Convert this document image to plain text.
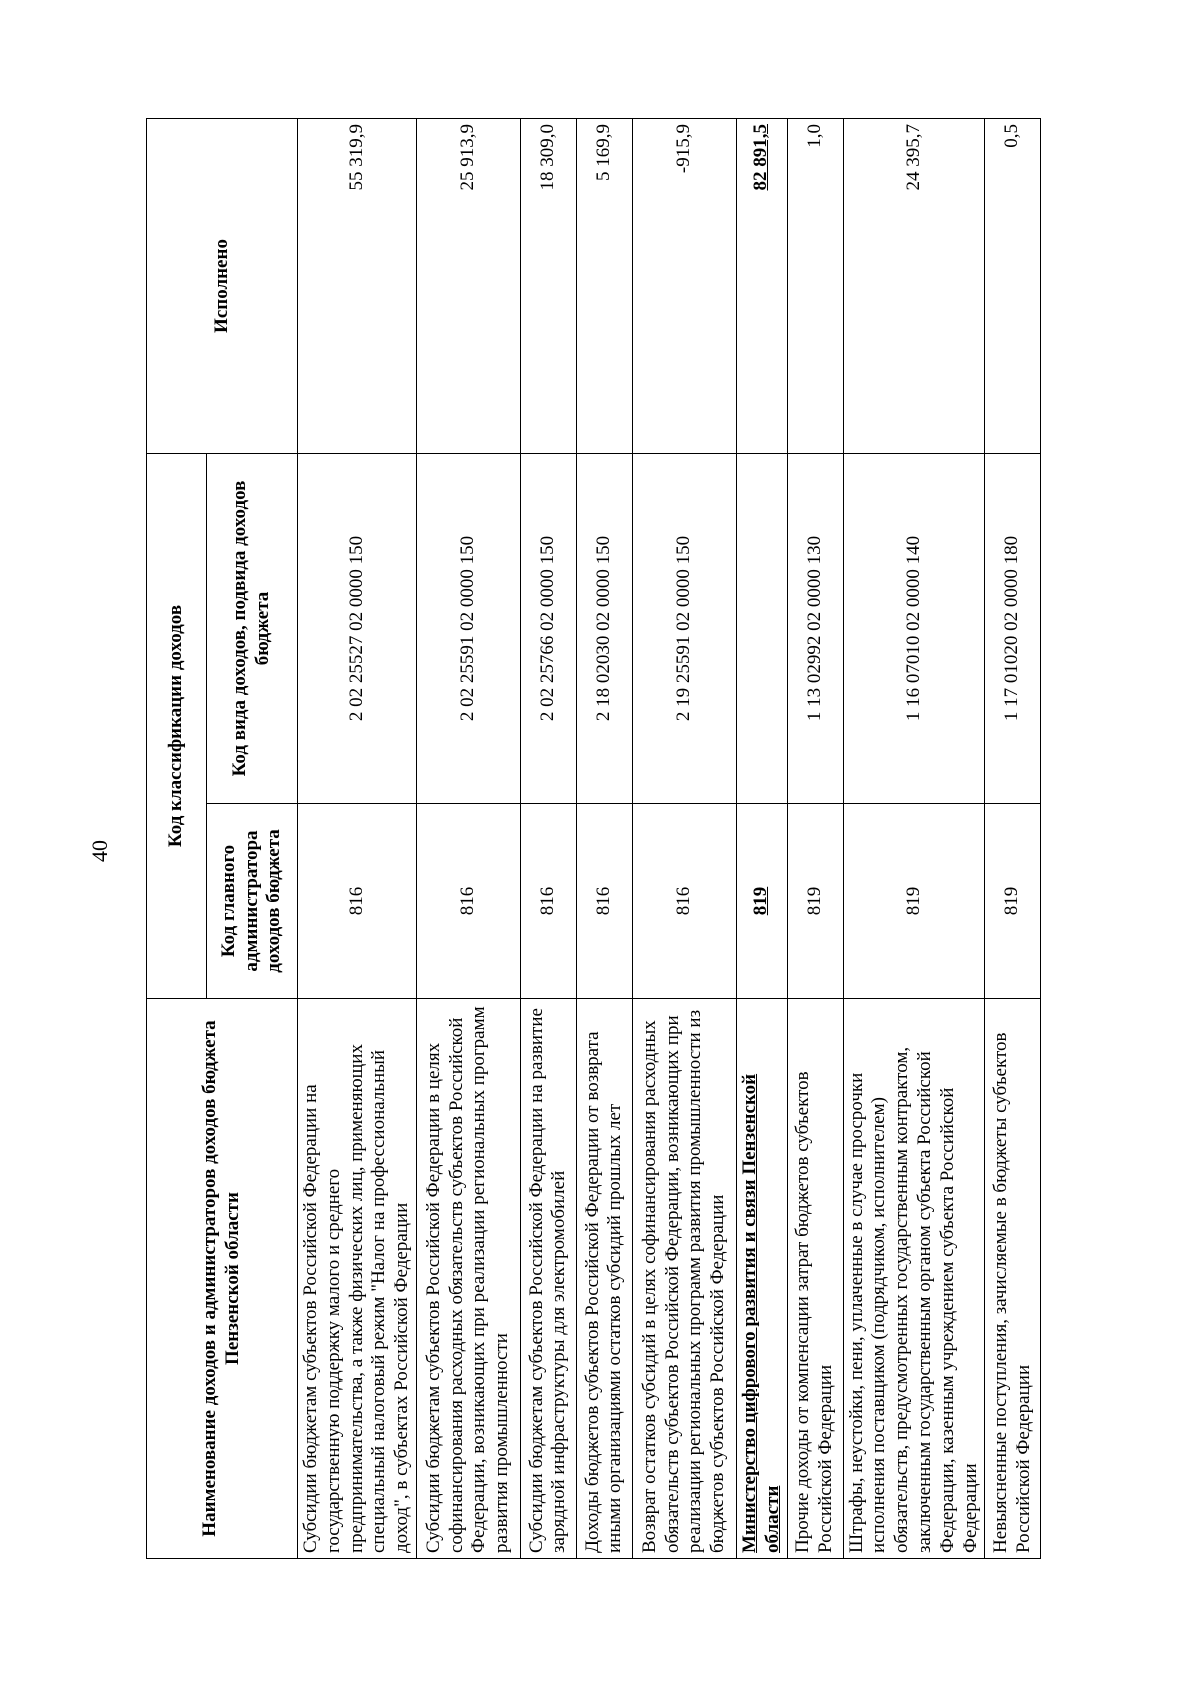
40
Наименование доходов и администраторов доходов бюджета Пензенской области	Код классификации доходов		Исполнено
	Код главного администратора доходов бюджета	Код вида доходов, подвида доходов бюджета	
Субсидии бюджетам субъектов Российской Федерации на государственную поддержку малого и среднего предпринимательства, а также физических лиц, применяющих специальный налоговый режим "Налог на профессиональный доход", в субъектах Российской Федерации	816	2 02 25527 02 0000 150	55 319,9
Субсидии бюджетам субъектов Российской Федерации в целях софинансирования расходных обязательств субъектов Российской Федерации, возникающих при реализации региональных программ развития промышленности	816	2 02 25591 02 0000 150	25 913,9
Субсидии бюджетам субъектов Российской Федерации на развитие зарядной инфраструктуры для электромобилей	816	2 02 25766 02 0000 150	18 309,0
Доходы бюджетов субъектов Российской Федерации от возврата иными организациями остатков субсидий прошлых лет	816	2 18 02030 02 0000 150	5 169,9
Возврат остатков субсидий в целях софинансирования расходных обязательств субъектов Российской Федерации, возникающих при реализации региональных программ развития промышленности из бюджетов субъектов Российской Федерации	816	2 19 25591 02 0000 150	-915,9
Министерство цифрового развития и связи Пензенской области	819		82 891,5
Прочие доходы от компенсации затрат бюджетов субъектов Российской Федерации	819	1 13 02992 02 0000 130	1,0
Штрафы, неустойки, пени, уплаченные в случае просрочки исполнения поставщиком (подрядчиком, исполнителем) обязательств, предусмотренных государственным контрактом, заключенным государственным органом субъекта Российской Федерации, казенным учреждением субъекта Российской Федерации	819	1 16 07010 02 0000 140	24 395,7
Невыясненные поступления, зачисляемые в бюджеты субъектов Российской Федерации	819	1 17 01020 02 0000 180	0,5
